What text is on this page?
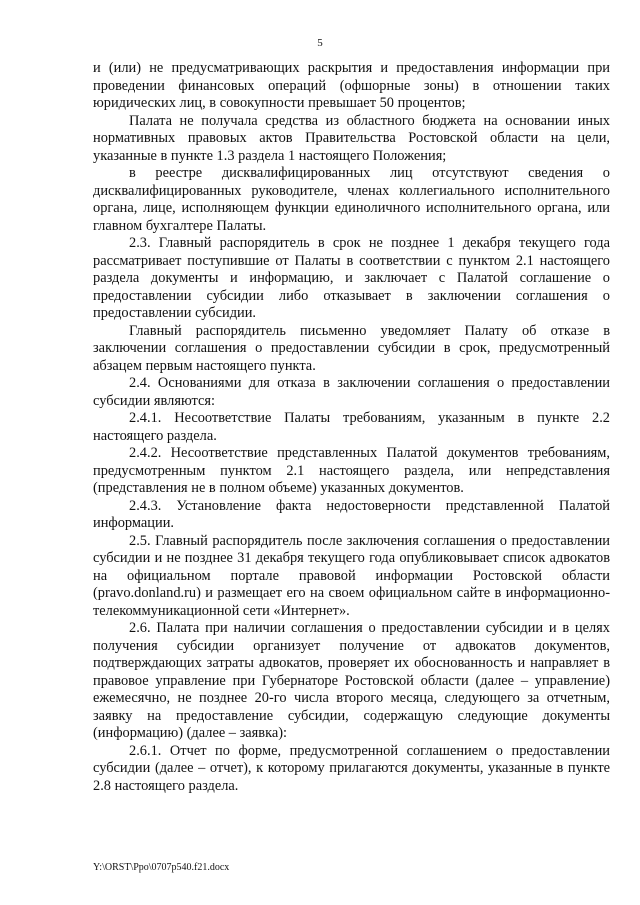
5

и (или) не предусматривающих раскрытия и предоставления информации при проведении финансовых операций (офшорные зоны) в отношении таких юридических лиц, в совокупности превышает 50 процентов;

Палата не получала средства из областного бюджета на основании иных нормативных правовых актов Правительства Ростовской области на цели, указанные в пункте 1.3 раздела 1 настоящего Положения;

в реестре дисквалифицированных лиц отсутствуют сведения о дисквалифицированных руководителе, членах коллегиального исполнительного органа, лице, исполняющем функции единоличного исполнительного органа, или главном бухгалтере Палаты.

2.3. Главный распорядитель в срок не позднее 1 декабря текущего года рассматривает поступившие от Палаты в соответствии с пунктом 2.1 настоящего раздела документы и информацию, и заключает с Палатой соглашение о предоставлении субсидии либо отказывает в заключении соглашения о предоставлении субсидии.

Главный распорядитель письменно уведомляет Палату об отказе в заключении соглашения о предоставлении субсидии в срок, предусмотренный абзацем первым настоящего пункта.

2.4. Основаниями для отказа в заключении соглашения о предоставлении субсидии являются:

2.4.1. Несоответствие Палаты требованиям, указанным в пункте 2.2 настоящего раздела.

2.4.2. Несоответствие представленных Палатой документов требованиям, предусмотренным пунктом 2.1 настоящего раздела, или непредставления (представления не в полном объеме) указанных документов.

2.4.3. Установление факта недостоверности представленной Палатой информации.

2.5. Главный распорядитель после заключения соглашения о предоставлении субсидии и не позднее 31 декабря текущего года опубликовывает список адвокатов на официальном портале правовой информации Ростовской области (pravo.donland.ru) и размещает его на своем официальном сайте в информационно-телекоммуникационной сети «Интернет».

2.6. Палата при наличии соглашения о предоставлении субсидии и в целях получения субсидии организует получение от адвокатов документов, подтверждающих затраты адвокатов, проверяет их обоснованность и направляет в правовое управление при Губернаторе Ростовской области (далее – управление) ежемесячно, не позднее 20-го числа второго месяца, следующего за отчетным, заявку на предоставление субсидии, содержащую следующие документы (информацию) (далее – заявка):

2.6.1. Отчет по форме, предусмотренной соглашением о предоставлении субсидии (далее – отчет), к которому прилагаются документы, указанные в пункте 2.8 настоящего раздела.

Y:\ORST\Ppo\0707p540.f21.docx
